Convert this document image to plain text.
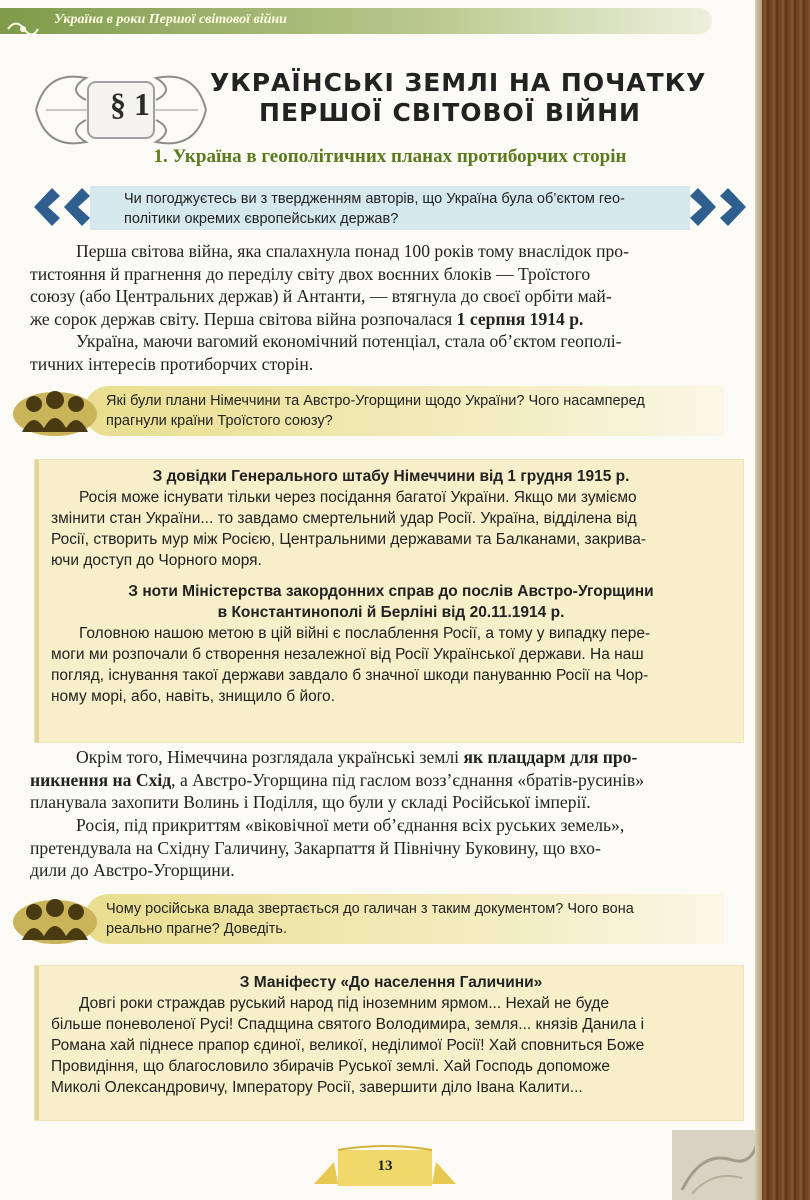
Україна в роки Першої світової війни
§ 1
УКРАЇНСЬКІ ЗЕМЛІ НА ПОЧАТКУ
ПЕРШОЇ СВІТОВОЇ ВІЙНИ
1. Україна в геополітичних планах протиборчих сторін
Чи погоджуєтесь ви з твердженням авторів, що Україна була об’єктом гео-
політики окремих європейських держав?
Перша світова війна, яка спалахнула понад 100 років тому внаслідок про-
тистояння й прагнення до переділу світу двох воєнних блоків — Троїстого
союзу (або Центральних держав) й Антанти, — втягнула до своєї орбіти май-
же сорок держав світу. Перша світова війна розпочалася 1 серпня 1914 р.
Україна, маючи вагомий економічний потенціал, стала об’єктом геополі-
тичних інтересів протиборчих сторін.
Які були плани Німеччини та Австро-Угорщини щодо України? Чого насамперед
прагнули країни Троїстого союзу?
З довідки Генерального штабу Німеччини від 1 грудня 1915 р.
Росія може існувати тільки через посідання багатої України. Якщо ми зуміємо
змінити стан України... то завдамо смертельний удар Росії. Україна, відділена від
Росії, створить мур між Росією, Центральними державами та Балканами, закрива-
ючи доступ до Чорного моря.
З ноти Міністерства закордонних справ до послів Австро-Угорщини
в Константинополі й Берліні від 20.11.1914 р.
Головною нашою метою в цій війні є послаблення Росії, а тому у випадку пере-
моги ми розпочали б створення незалежної від Росії Української держави. На наш
погляд, існування такої держави завдало б значної шкоди пануванню Росії на Чор-
ному морі, або, навіть, знищило б його.
Окрім того, Німеччина розглядала українські землі як плацдарм для про-
никнення на Схід, а Австро-Угорщина під гаслом возз’єднання «братів-русинів»
планувала захопити Волинь і Поділля, що були у складі Російської імперії.
Росія, під прикриттям «віковічної мети об’єднання всіх руських земель»,
претендувала на Східну Галичину, Закарпаття й Північну Буковину, що вхо-
дили до Австро-Угорщини.
Чому російська влада звертається до галичан з таким документом? Чого вона
реально прагне? Доведіть.
З Маніфесту «До населення Галичини»
Довгі роки страждав руський народ під іноземним ярмом... Нехай не буде
більше поневоленої Русі! Спадщина святого Володимира, земля... князів Данила і
Романа хай піднесе прапор єдиної, великої, неділимої Росії! Хай сповниться Боже
Провидіння, що благословило збирачів Руської землі. Хай Господь допоможе
Миколі Олександровичу, Імператору Росії, завершити діло Івана Калити...
13
